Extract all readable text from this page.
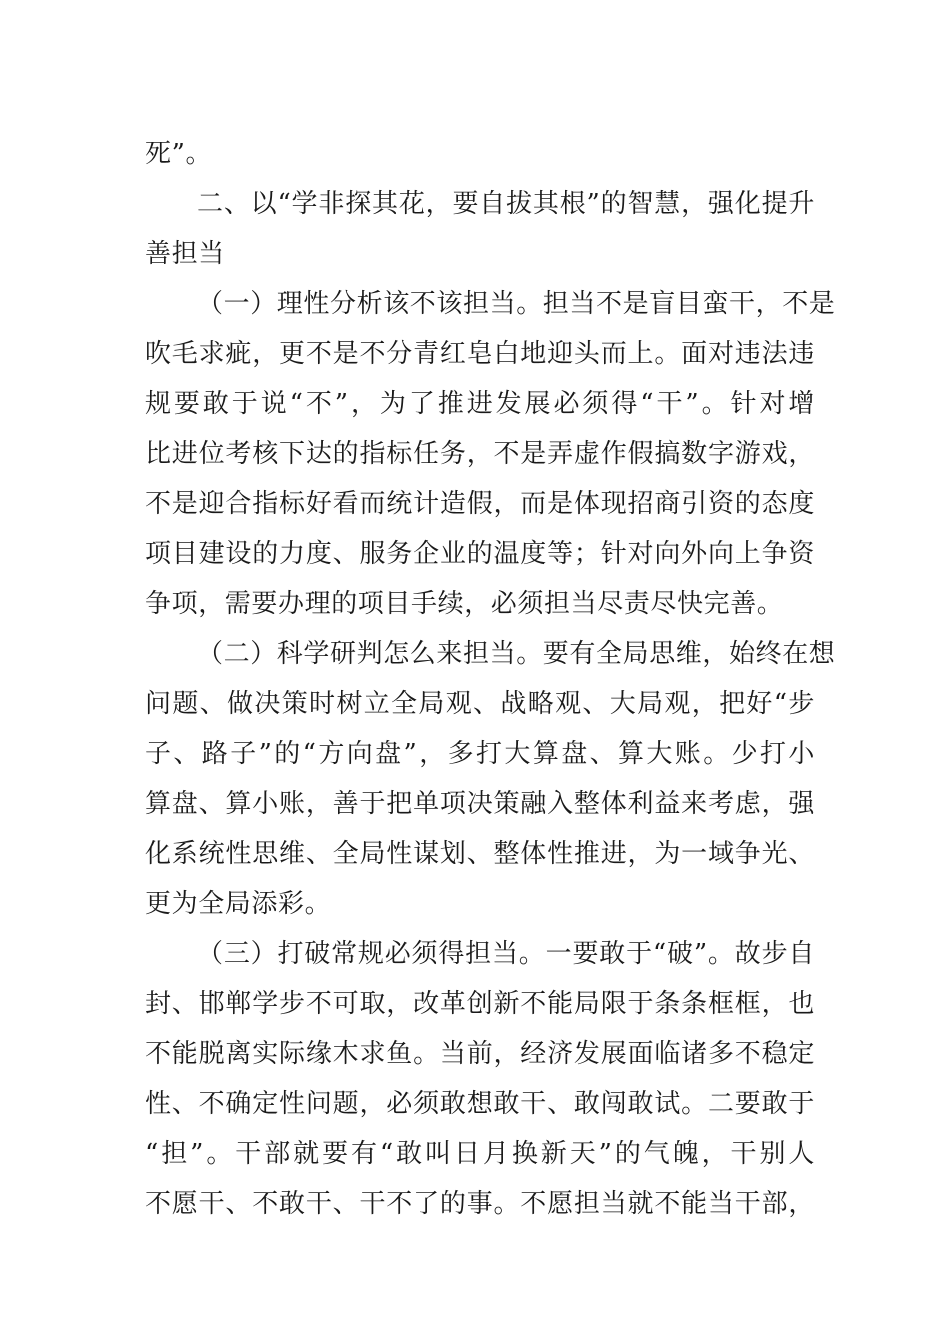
死”。
二、以“学非探其花，要自拔其根”的智慧，强化提升
善担当
（一）理性分析该不该担当。担当不是盲目蛮干，不是
吹毛求疵，更不是不分青红皂白地迎头而上。面对违法违
规要敢于说“不”，为了推进发展必须得“干”。针对增
比进位考核下达的指标任务，不是弄虚作假搞数字游戏，
不是迎合指标好看而统计造假，而是体现招商引资的态度
项目建设的力度、服务企业的温度等；针对向外向上争资
争项，需要办理的项目手续，必须担当尽责尽快完善。
（二）科学研判怎么来担当。要有全局思维，始终在想
问题、做决策时树立全局观、战略观、大局观，把好“步
子、路子”的“方向盘”，多打大算盘、算大账。少打小
算盘、算小账，善于把单项决策融入整体利益来考虑，强
化系统性思维、全局性谋划、整体性推进，为一域争光、
更为全局添彩。
（三）打破常规必须得担当。一要敢于“破”。故步自
封、邯郸学步不可取，改革创新不能局限于条条框框，也
不能脱离实际缘木求鱼。当前，经济发展面临诸多不稳定
性、不确定性问题，必须敢想敢干、敢闯敢试。二要敢于
“担”。干部就要有“敢叫日月换新天”的气魄，干别人
不愿干、不敢干、干不了的事。不愿担当就不能当干部，
